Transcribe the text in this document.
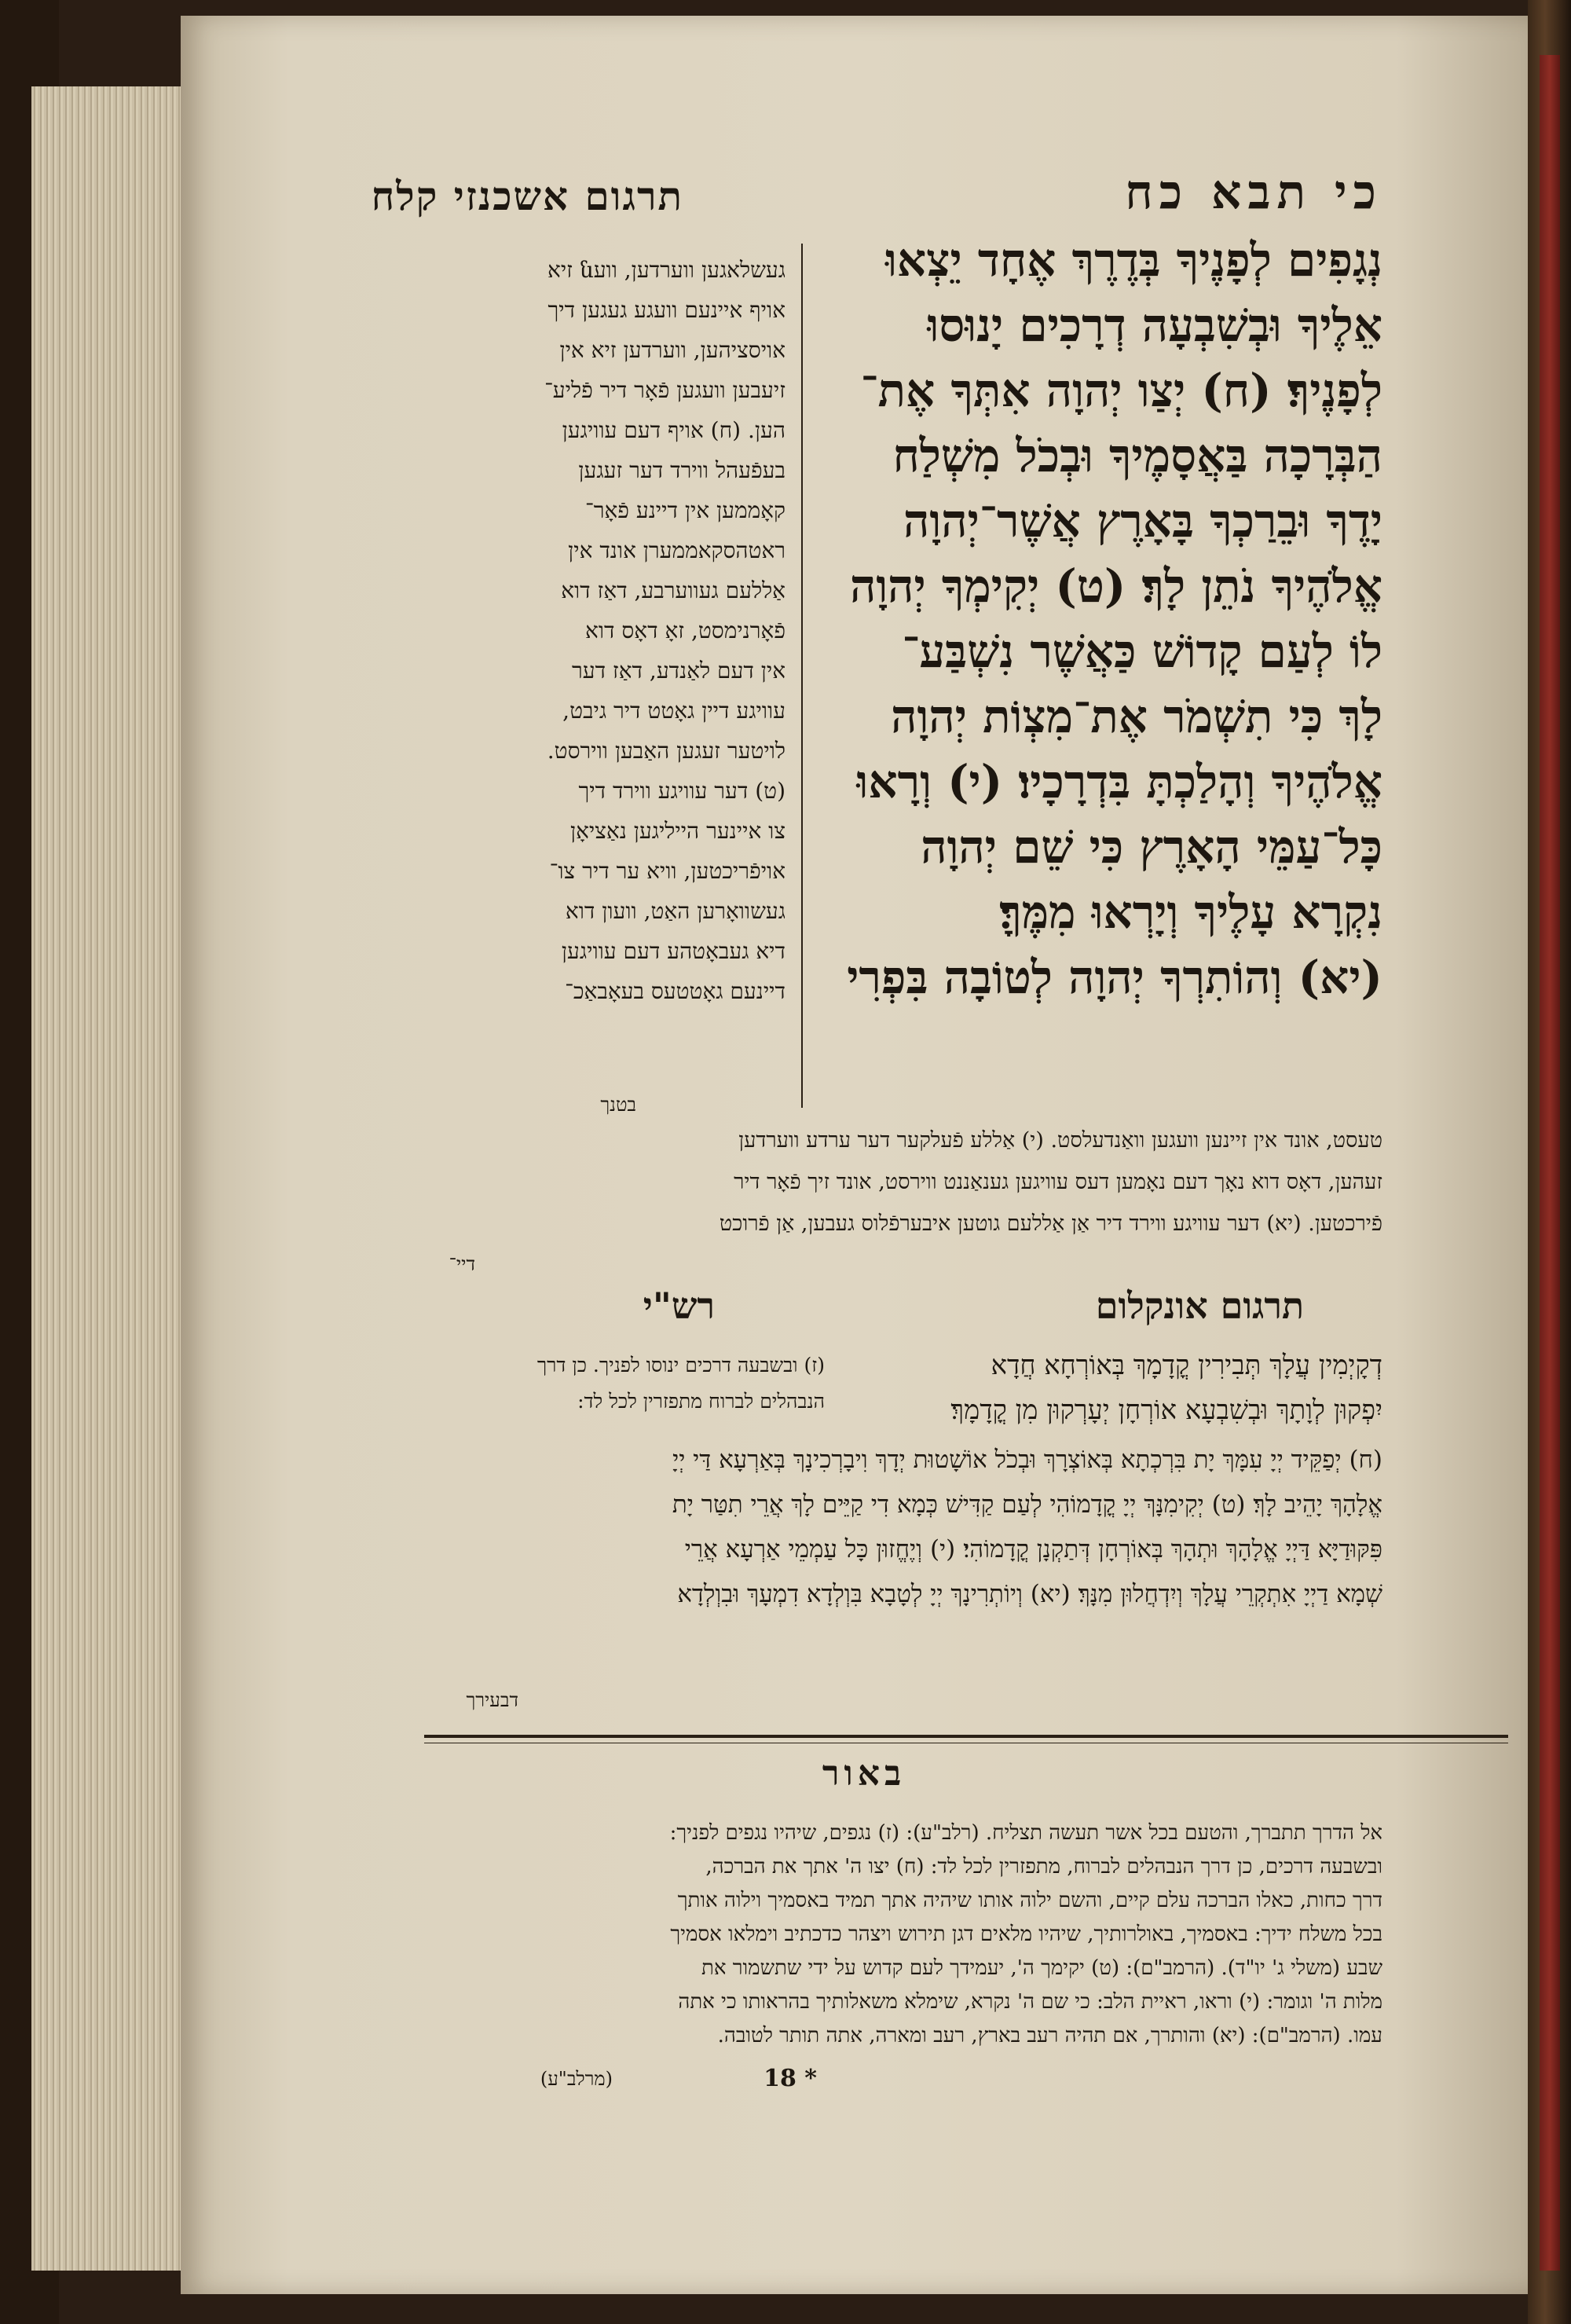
כי תבא כח
תרגום אשכנזי קלח
נְגָפִים לְפָנֶיךָ בְּדֶרֶךְ אֶחָד יֵצְאוּ
אֵלֶיךָ וּבְשִׁבְעָה דְרָכִים יָנוּסוּ
לְפָנֶיךָ׃ (ח) יְצַו יְהוָה אִתְּךָ אֶת־
הַבְּרָכָה בַּאֲסָמֶיךָ וּבְכֹל מִשְׁלַח
יָדֶךָ וּבֵרַכְךָ בָּאָרֶץ אֲשֶׁר־יְהוָה
אֱלֹהֶיךָ נֹתֵן לָךְ׃ (ט) יְקִימְךָ יְהוָה
לוֹ לְעַם קָדוֹשׁ כַּאֲשֶׁר נִשְׁבַּע־
לָךְ כִּי תִשְׁמֹר אֶת־מִצְוֹת יְהוָה
אֱלֹהֶיךָ וְהָלַכְתָּ בִּדְרָכָיו׃ (י) וְרָאוּ
כָּל־עַמֵּי הָאָרֶץ כִּי שֵׁם יְהוָה
נִקְרָא עָלֶיךָ וְיָרְאוּ מִמֶּךָּ׃
(יא) וְהוֹתִרְךָ יְהוָה לְטוֹבָה בִּפְרִי
בטנך
געשלאגען ווערדען, וועն זיא
אויף איינעם וועגע געגען דיך
אויסציהען, ווערדען זיא אין
זיעבען וועגען פֿאָר דיר פֿליע־
הען. (ח) אויף דעם עוויגען
בעפֿעהל ווירד דער זעגען
קאָממען אין דיינע פֿאָר־
ראטהסקאממערן אונד אין
אַללעם געווערבע, דאַז דוא
פֿאָרנימסט, זאָ דאָס דוא
אין דעם לאַנדע, דאַז דער
עוויגע דיין גאָטט דיר גיבט,
לויטער זעגען האַבען ווירסט.
(ט) דער עוויגע ווירד דיך
צו איינער הייליגען נאַציאָן
אויפֿריכטען, וויא ער דיר צו־
געשוואָרען האַט, וועון דוא
דיא געבאָטהע דעם עוויגען
דיינעם גאָטטעס בעאָבאַכ־
טעסט, אונד אין זיינען וועגען וואַנדעלסט. (י) אַללע פֿעלקער דער ערדע ווערדען
זעהען, דאָס דוא נאָך דעם נאָמען דעס עוויגען גענאַננט ווירסט, אונד זיך פֿאָר דיר
פֿירכטען. (יא) דער עוויגע ווירד דיר אַן אַללעם גוטען איבערפֿלוס געבען, אַן פֿרוכט
דיי־
תרגום אונקלום
רש"י
דְקָיְמִין עֲלָךְ תְּבִירִין קֳדָמָךְ בְּאוֹרְחָא חֲדָא
יִפְקוּן לְוָתָךְ וּבְשִׁבְעָא אוֹרְחָן יְעָרְקוּן מִן קֳדָמָךְ׃
(ז) ובשבעה דרכים ינוסו לפניך. כן דרך
הנבהלים לברוח מתפזרין לכל לד:
(ח) יְפַקֵּיד יְיָ עִמָּךְ יָת בִּרְכְתָא בְּאוֹצְרָךְ וּבְכֹל אוֹשָׁטוּת יְדָךְ וִיבָרְכִינָךְ בְּאַרְעָא דַּי יְיָ
אֱלָהָךְ יָהֵיב לָךְ׃ (ט) יְקִימִנָּךְ יְיָ קֳדָמוֹהִי לְעַם קַדִּישׁ כְּמָא דִי קַיֵּים לָךְ אֲרֵי תִטַּר יָת
פִּקּוּדַיָּא דַּיְיָ אֱלָהָךְ וּתְהָךְ בְּאוֹרְחָן דְּתַקְנָן קֳדָמוֹהִי׃ (י) וְיֶחֱזוּן כָּל עַמְמֵי אַרְעָא אֲרֵי
שְׁמָא דַיְיָ אִתְקְרֵי עֲלָךְ וְיִדְחֲלוּן מִנָּךְ׃ (יא) וְיוֹתְרִינָךְ יְיָ לְטָבָא בִּוְלְדָא דִמְעָךְ וּבִוְלְדָא
דבעירך
באור
אל הדרך תתברך, והטעם בכל אשר תעשה תצליח. (רלב"ע): (ז) נגפים, שיהיו נגפים לפניך:
ובשבעה דרכים, כן דרך הנבהלים לברוח, מתפזרין לכל לד: (ח) יצו ה' אתך את הברכה,
דרך כחות, כאלו הברכה עלם קיים, והשם ילוה אותו שיהיה אתך תמיד באסמיך וילוה אותך
בכל משלח ידיך: באסמיך, באולרותיך, שיהיו מלאים דגן תירוש ויצהר כדכתיב וימלאו אסמיך
שבע (משלי ג' יו"ד). (הרמב"ם): (ט) יקימך ה', יעמידך לעם קדוש על ידי שתשמור את
מלות ה' וגומר: (י) וראו, ראיית הלב: כי שם ה' נקרא, שימלא משאלותיך בהראותו כי אתה
עמו. (הרמב"ם): (יא) והותרך, אם תהיה רעב בארץ, רעב ומארה, אתה תותר לטובה.
(מרלב"ע)	18 *
